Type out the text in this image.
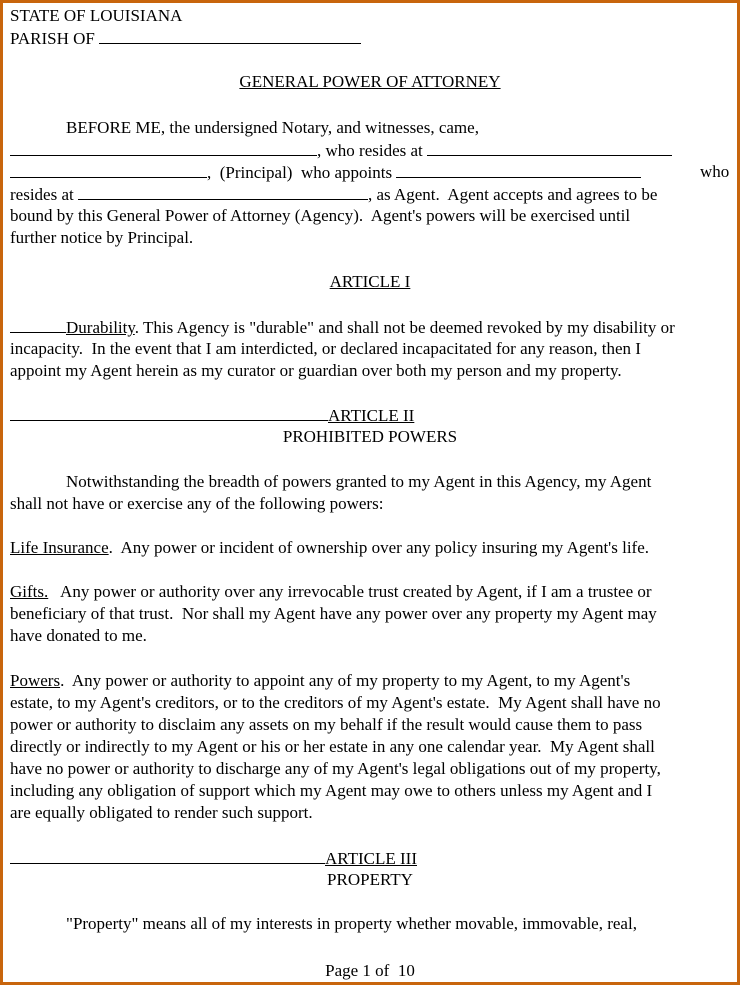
STATE OF LOUISIANA

PARISH OF

GENERAL POWER OF ATTORNEY

BEFORE ME, the undersigned Notary, and witnesses, came,

, who resides at

,  (Principal)  who appoints	who

resides at	, as Agent.  Agent accepts and agrees to be

bound by this General Power of Attorney (Agency).  Agent's powers will be exercised until

further notice by Principal.

ARTICLE I

Durability. This Agency is "durable" and shall not be deemed revoked by my disability or

incapacity.  In the event that I am interdicted, or declared incapacitated for any reason, then I

appoint my Agent herein as my curator or guardian over both my person and my property.

ARTICLE II

PROHIBITED POWERS

Notwithstanding the breadth of powers granted to my Agent in this Agency, my Agent

shall not have or exercise any of the following powers:

Life Insurance.  Any power or incident of ownership over any policy insuring my Agent's life.

Gifts.   Any power or authority over any irrevocable trust created by Agent, if I am a trustee or

beneficiary of that trust.  Nor shall my Agent have any power over any property my Agent may

have donated to me.

Powers.  Any power or authority to appoint any of my property to my Agent, to my Agent's

estate, to my Agent's creditors, or to the creditors of my Agent's estate.  My Agent shall have no

power or authority to disclaim any assets on my behalf if the result would cause them to pass

directly or indirectly to my Agent or his or her estate in any one calendar year.  My Agent shall

have no power or authority to discharge any of my Agent's legal obligations out of my property,

including any obligation of support which my Agent may owe to others unless my Agent and I

are equally obligated to render such support.

ARTICLE III

PROPERTY

"Property" means all of my interests in property whether movable, immovable, real,

Page 1 of  10
